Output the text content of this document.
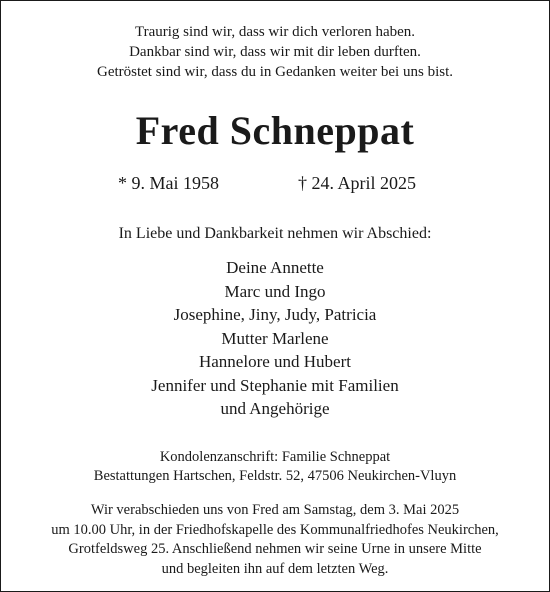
Traurig sind wir, dass wir dich verloren haben.
Dankbar sind wir, dass wir mit dir leben durften.
Getröstet sind wir, dass du in Gedanken weiter bei uns bist.
Fred Schneppat
* 9. Mai 1958	† 24. April 2025
In Liebe und Dankbarkeit nehmen wir Abschied:
Deine Annette
Marc und Ingo
Josephine, Jiny, Judy, Patricia
Mutter Marlene
Hannelore und Hubert
Jennifer und Stephanie mit Familien
und Angehörige
Kondolenzanschrift: Familie Schneppat
Bestattungen Hartschen, Feldstr. 52, 47506 Neukirchen-Vluyn
Wir verabschieden uns von Fred am Samstag, dem 3. Mai 2025
um 10.00 Uhr, in der Friedhofskapelle des Kommunalfriedhofes Neukirchen,
Grotfeldsweg 25. Anschließend nehmen wir seine Urne in unsere Mitte
und begleiten ihn auf dem letzten Weg.
